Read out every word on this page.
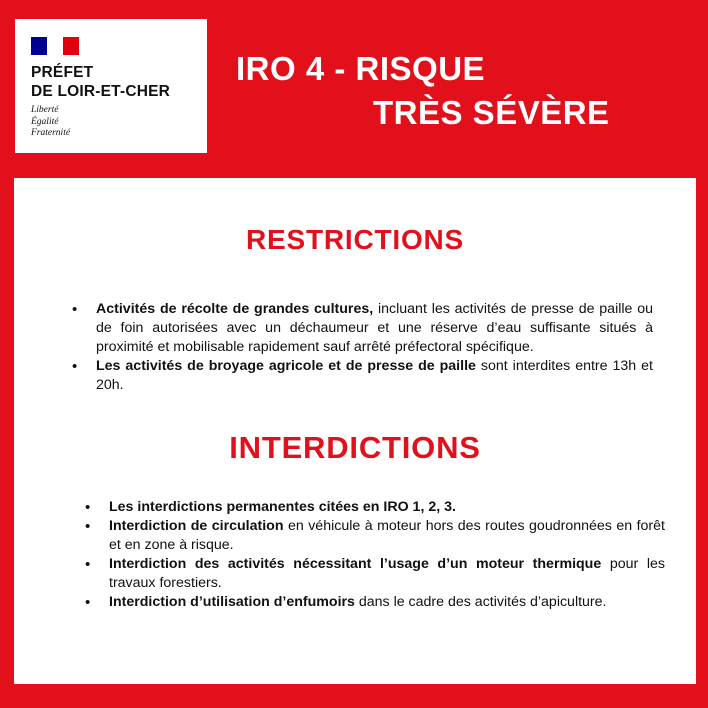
PRÉFET
DE LOIR-ET-CHER
Liberté
Égalité
Fraternité
IRO 4 - RISQUE
TRÈS SÉVÈRE
RESTRICTIONS
• Activités de récolte de grandes cultures, incluant les activités de presse de paille ou de foin autorisées avec un déchaumeur et une réserve d’eau suffisante situés à proximité et mobilisable rapidement sauf arrêté préfectoral spécifique.
• Les activités de broyage agricole et de presse de paille sont interdites entre 13h et 20h.
INTERDICTIONS
• Les interdictions permanentes citées en IRO 1, 2, 3.
• Interdiction de circulation en véhicule à moteur hors des routes goudronnées en forêt et en zone à risque.
• Interdiction des activités nécessitant l’usage d’un moteur thermique pour les travaux forestiers.
• Interdiction d’utilisation d’enfumoirs dans le cadre des activités d’apiculture.
